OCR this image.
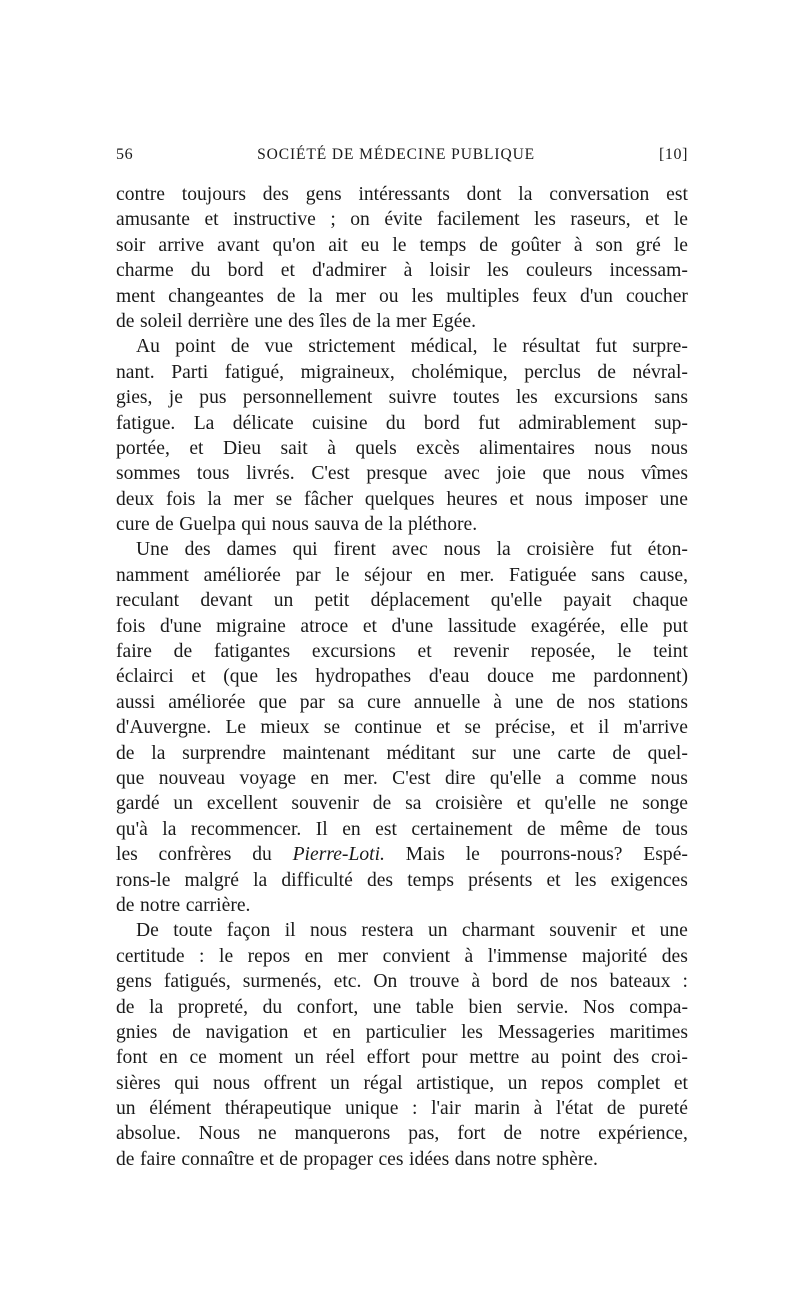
56	SOCIÉTÉ DE MÉDECINE PUBLIQUE	[10]
contre toujours des gens intéressants dont la conversation est
amusante et instructive ; on évite facilement les raseurs, et le
soir arrive avant qu'on ait eu le temps de goûter à son gré le
charme du bord et d'admirer à loisir les couleurs incessam-
ment changeantes de la mer ou les multiples feux d'un coucher
de soleil derrière une des îles de la mer Egée.
Au point de vue strictement médical, le résultat fut surpre-
nant. Parti fatigué, migraineux, cholémique, perclus de névral-
gies, je pus personnellement suivre toutes les excursions sans
fatigue. La délicate cuisine du bord fut admirablement sup-
portée, et Dieu sait à quels excès alimentaires nous nous
sommes tous livrés. C'est presque avec joie que nous vîmes
deux fois la mer se fâcher quelques heures et nous imposer une
cure de Guelpa qui nous sauva de la pléthore.
Une des dames qui firent avec nous la croisière fut éton-
namment améliorée par le séjour en mer. Fatiguée sans cause,
reculant devant un petit déplacement qu'elle payait chaque
fois d'une migraine atroce et d'une lassitude exagérée, elle put
faire de fatigantes excursions et revenir reposée, le teint
éclairci et (que les hydropathes d'eau douce me pardonnent)
aussi améliorée que par sa cure annuelle à une de nos stations
d'Auvergne. Le mieux se continue et se précise, et il m'arrive
de la surprendre maintenant méditant sur une carte de quel-
que nouveau voyage en mer. C'est dire qu'elle a comme nous
gardé un excellent souvenir de sa croisière et qu'elle ne songe
qu'à la recommencer. Il en est certainement de même de tous
les confrères du Pierre-Loti. Mais le pourrons-nous? Espé-
rons-le malgré la difficulté des temps présents et les exigences
de notre carrière.
De toute façon il nous restera un charmant souvenir et une
certitude : le repos en mer convient à l'immense majorité des
gens fatigués, surmenés, etc. On trouve à bord de nos bateaux :
de la propreté, du confort, une table bien servie. Nos compa-
gnies de navigation et en particulier les Messageries maritimes
font en ce moment un réel effort pour mettre au point des croi-
sières qui nous offrent un régal artistique, un repos complet et
un élément thérapeutique unique : l'air marin à l'état de pureté
absolue. Nous ne manquerons pas, fort de notre expérience,
de faire connaître et de propager ces idées dans notre sphère.
